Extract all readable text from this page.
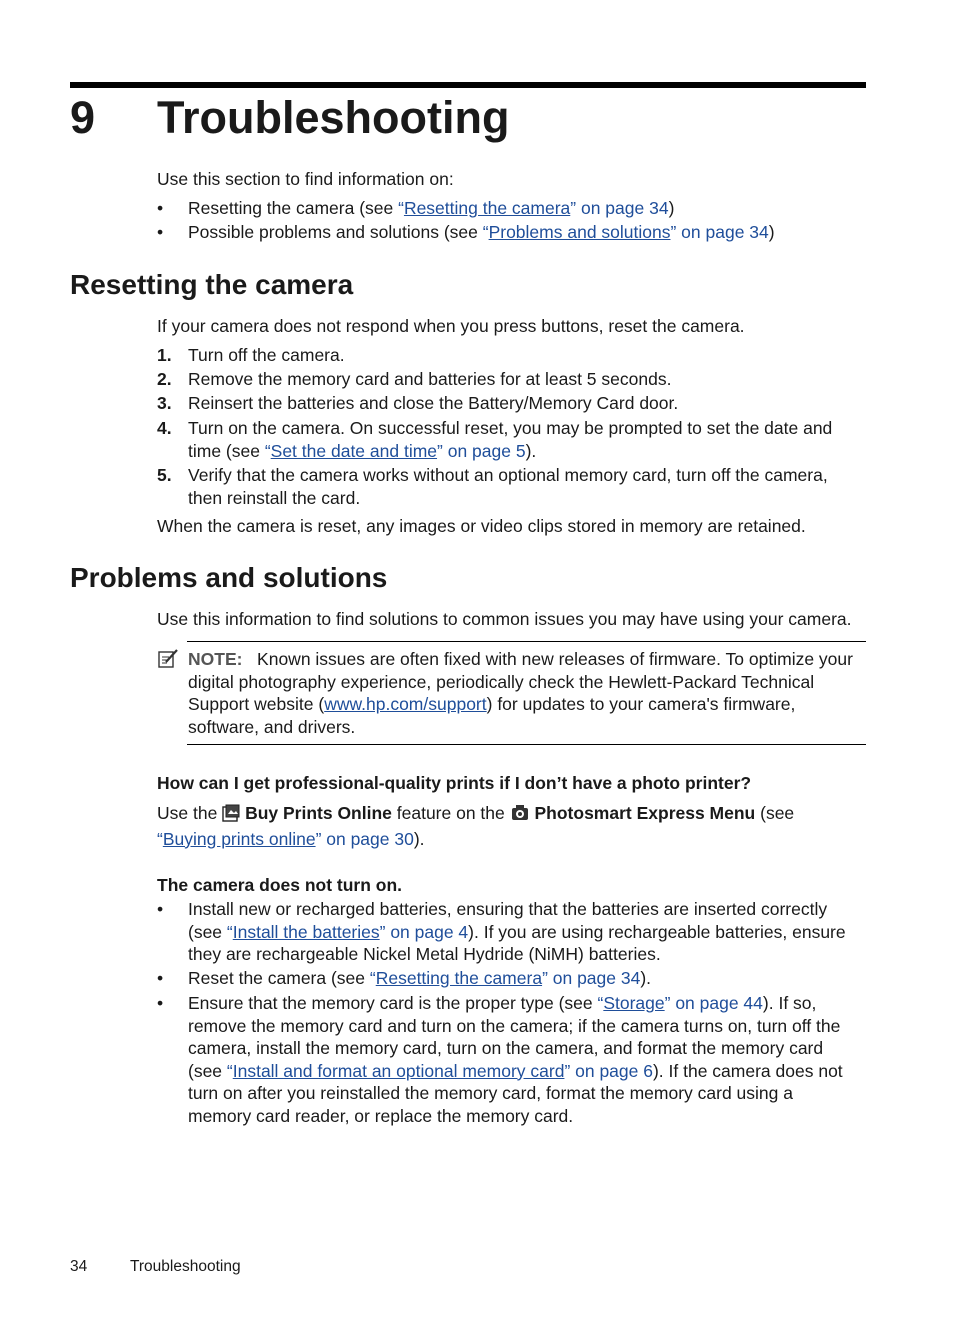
9 Troubleshooting
Use this section to find information on:
• Resetting the camera (see “Resetting the camera” on page 34)
• Possible problems and solutions (see “Problems and solutions” on page 34)
Resetting the camera
If your camera does not respond when you press buttons, reset the camera.
1. Turn off the camera.
2. Remove the memory card and batteries for at least 5 seconds.
3. Reinsert the batteries and close the Battery/Memory Card door.
4. Turn on the camera. On successful reset, you may be prompted to set the date and
time (see “Set the date and time” on page 5).
5. Verify that the camera works without an optional memory card, turn off the camera,
then reinstall the card.
When the camera is reset, any images or video clips stored in memory are retained.
Problems and solutions
Use this information to find solutions to common issues you may have using your camera.
NOTE: Known issues are often fixed with new releases of firmware. To optimize your
digital photography experience, periodically check the Hewlett-Packard Technical
Support website (www.hp.com/support) for updates to your camera's firmware,
software, and drivers.
How can I get professional-quality prints if I don’t have a photo printer?
Use the  Buy Prints Online feature on the  Photosmart Express Menu (see
“Buying prints online” on page 30).
The camera does not turn on.
• Install new or recharged batteries, ensuring that the batteries are inserted correctly
(see “Install the batteries” on page 4). If you are using rechargeable batteries, ensure
they are rechargeable Nickel Metal Hydride (NiMH) batteries.
• Reset the camera (see “Resetting the camera” on page 34).
• Ensure that the memory card is the proper type (see “Storage” on page 44). If so,
remove the memory card and turn on the camera; if the camera turns on, turn off the
camera, install the memory card, turn on the camera, and format the memory card
(see “Install and format an optional memory card” on page 6). If the camera does not
turn on after you reinstalled the memory card, format the memory card using a
memory card reader, or replace the memory card.
34	Troubleshooting
